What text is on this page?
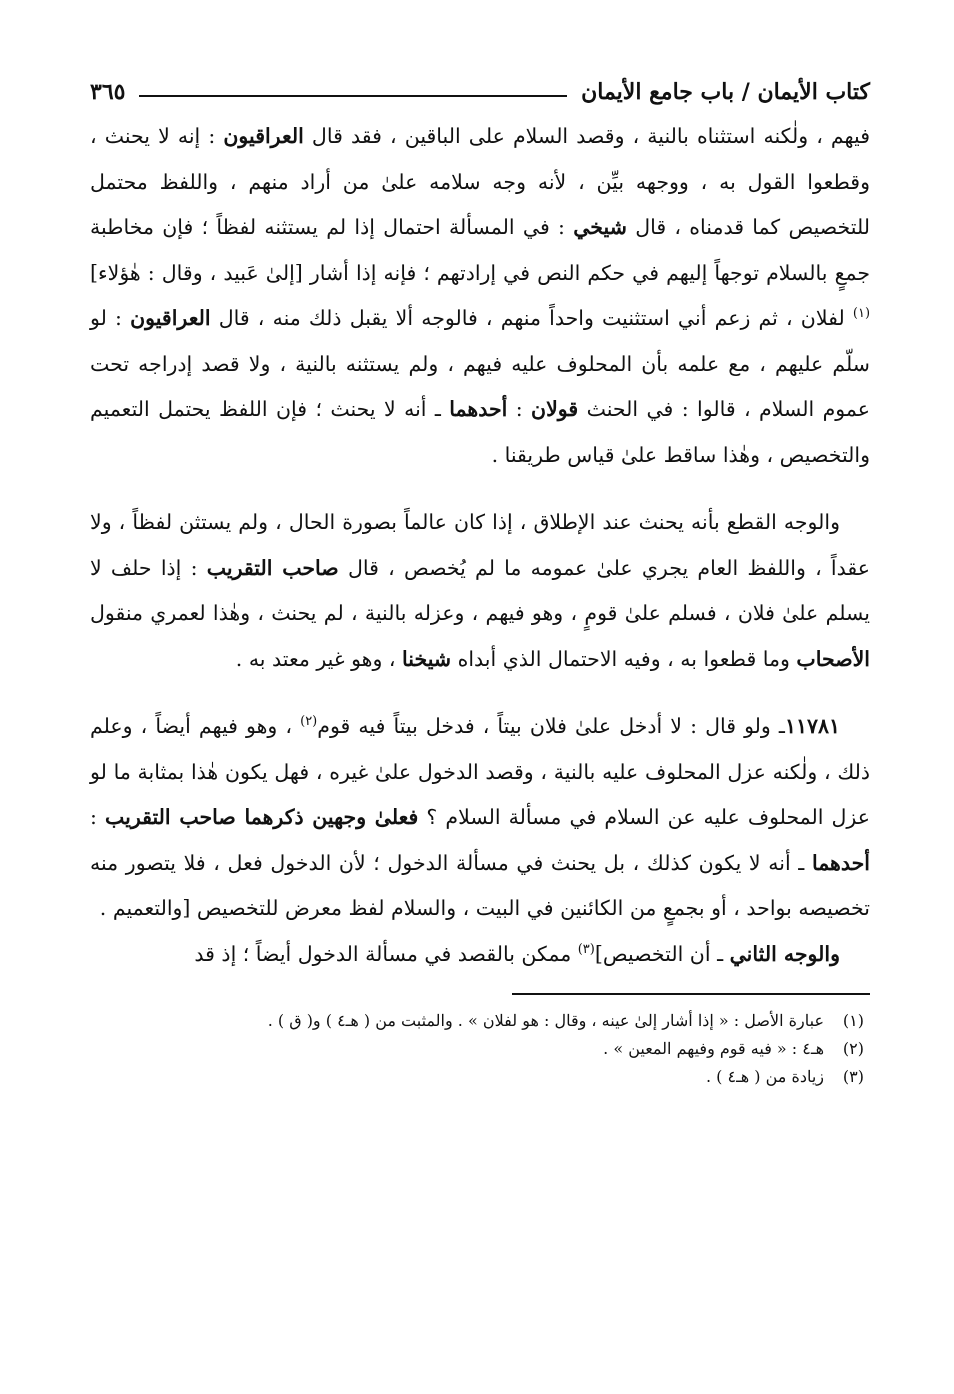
كتاب الأيمان / باب جامع الأيمان
٣٦٥

فيهم ، ولٰكنه استثناه بالنية ، وقصد السلام على الباقين ، فقد قال العراقيون : إنه لا يحنث ، وقطعوا القول به ، ووجهه بيِّن ، لأنه وجه سلامه علىٰ من أراد منهم ، واللفظ محتمل للتخصيص كما قدمناه ، قال شيخي : في المسألة احتمال إذا لم يستثنه لفظاً ؛ فإن مخاطبة جمعٍ بالسلام توجهاً إليهم في حكم النص في إرادتهم ؛ فإنه إذا أشار [إلىٰ عَبيد ، وقال : هٰؤلاء]$^{(١)}$ لفلان ، ثم زعم أني استثنيت واحداً منهم ، فالوجه ألا يقبل ذلك منه ، قال العراقيون : لو سلّم عليهم ، مع علمه بأن المحلوف عليه فيهم ، ولم يستثنه بالنية ، ولا قصد إدراجه تحت عموم السلام ، قالوا : في الحنث قولان : أحدهما ـ أنه لا يحنث ؛ فإن اللفظ يحتمل التعميم والتخصيص ، وهٰذا ساقط علىٰ قياس طريقنا .

والوجه القطع بأنه يحنث عند الإطلاق ، إذا كان عالماً بصورة الحال ، ولم يستثن لفظاً ، ولا عقداً ، واللفظ العام يجري علىٰ عمومه ما لم يُخصص ، قال صاحب التقريب : إذا حلف لا يسلم علىٰ فلان ، فسلم علىٰ قومٍ ، وهو فيهم ، وعزله بالنية ، لم يحنث ، وهٰذا لعمري منقول الأصحاب وما قطعوا به ، وفيه الاحتمال الذي أبداه شيخنا ، وهو غير معتد به .

١١٧٨١ـ ولو قال : لا أدخل علىٰ فلان بيتاً ، فدخل بيتاً فيه قوم$^{(٢)}$ ، وهو فيهم أيضاً ، وعلم ذلك ، ولٰكنه عزل المحلوف عليه بالنية ، وقصد الدخول علىٰ غيره ، فهل يكون هٰذا بمثابة ما لو عزل المحلوف عليه عن السلام في مسألة السلام ؟ فعلىٰ وجهين ذكرهما صاحب التقريب : أحدهما ـ أنه لا يكون كذلك ، بل يحنث في مسألة الدخول ؛ لأن الدخول فعل ، فلا يتصور منه تخصيصه بواحد ، أو بجمعٍ من الكائنين في البيت ، والسلام لفظ معرض للتخصيص [والتعميم .

والوجه الثاني ـ أن التخصيص]$^{(٣)}$ ممكن بالقصد في مسألة الدخول أيضاً ؛ إذ قد

(١)
عبارة الأصل : « إذا أشار إلىٰ عينه ، وقال : هو لفلان » . والمثبت من ( هـ٤ ) و( ق ) .
(٢)
هـ٤ : « فيه قوم وفيهم المعين » .
(٣)
زيادة من ( هـ٤ ) .
